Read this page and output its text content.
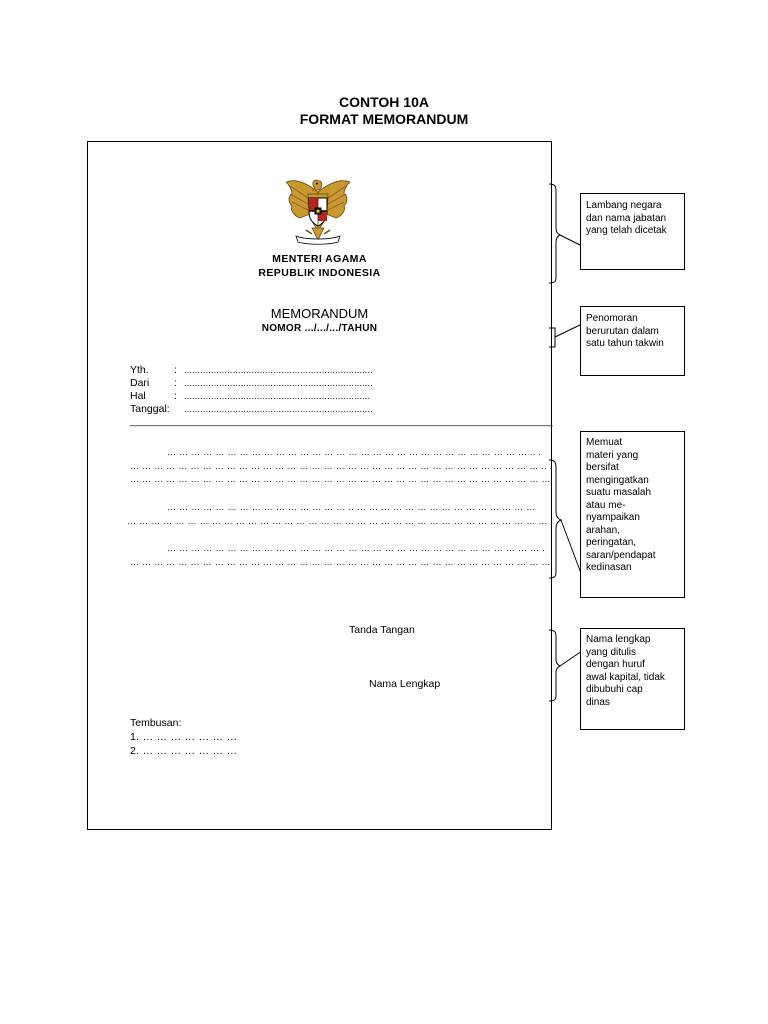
CONTOH 10A
FORMAT MEMORANDUM
MENTERI AGAMA
REPUBLIK INDONESIA
MEMORANDUM
NOMOR .../.../.../TAHUN
Yth. : ......................................................................
Dari : ......................................................................
Hal	: .....................................................................
Tanggal: ......................................................................
____________________________________________________________________________
… … … … … … … … … … … … … … … … … … … … … … … … … … … … … … .. .
… … … … … … … … … … … … … … … … … … … … … … … … … … … … … … … … … … .. .
… … … … … … … … … … … … … … … … … … … … … … … … … … … … … … … … … … …
… … … … … … … … … … … … … … … .. … … … … … … … … … … … … … … …
… … … … … … … … … … … … … … … … … … … … … … … … … … … … … … … … … … … .
… … … … … … … … … … … … … … … … … … … … … … … … … … … … … … … .
… … … … … … … … … … … … … … … … … … … … … … … … … … … … … … … … … … …
Tanda Tangan
Nama Lengkap
Tembusan:
1. … … … … … … …
2. … … … … … … …
Lambang negara
dan nama jabatan
yang telah dicetak
Penomoran
berurutan dalam
satu tahun takwin
Memuat
materi yang
bersifat
mengingatkan
suatu masalah
atau me-
nyampaikan
arahan,
peringatan,
saran/pendapat
kedinasan
Nama lengkap
yang ditulis
dengan huruf
awal kapital, tidak
dibubuhi cap
dinas
